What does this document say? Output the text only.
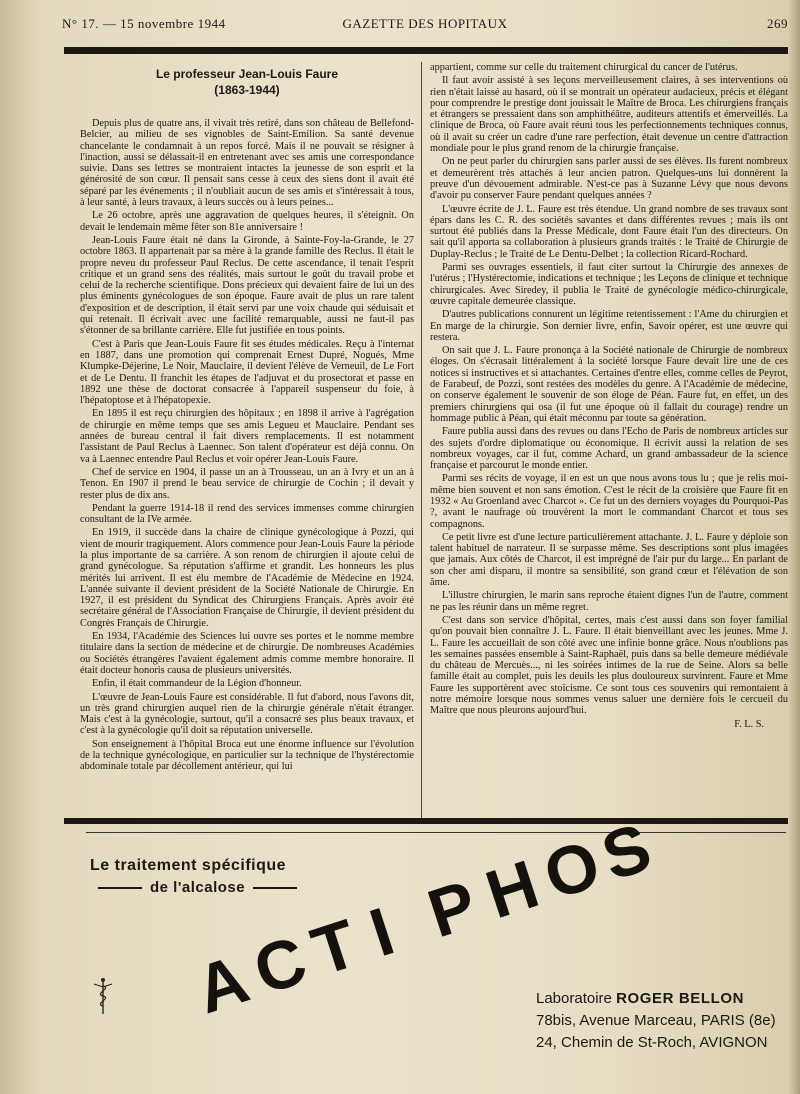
N° 17. — 15 novembre 1944	GAZETTE DES HOPITAUX	269
Le professeur Jean-Louis Faure
(1863-1944)

Depuis plus de quatre ans, il vivait très retiré, dans son château de Bellefond-Belcier, au milieu de ses vignobles de Saint-Emilion. Sa santé devenue chancelante le condamnait à un repos forcé. Mais il ne pouvait se résigner à l'inaction, aussi se délassait-il en entretenant avec ses amis une correspondance suivie. Dans ses lettres se montraient intactes la jeunesse de son esprit et la générosité de son cœur. Il pensait sans cesse à ceux des siens dont il avait été séparé par les événements ; il n'oubliait aucun de ses amis et s'intéressait à tous, à leur santé, à leurs travaux, à leurs succès ou à leurs peines...

Le 26 octobre, après une aggravation de quelques heures, il s'éteignit. On devait le lendemain même fêter son 81e anniversaire !

Jean-Louis Faure était né dans la Gironde, à Sainte-Foy-la-Grande, le 27 octobre 1863. Il appartenait par sa mère à la grande famille des Reclus. Il était le propre neveu du professeur Paul Reclus. De cette ascendance, il tenait l'esprit critique et un grand sens des réalités, mais surtout le goût du travail probe et celui de la recherche scientifique. Dons précieux qui devaient faire de lui un des plus éminents gynécologues de son époque. Faure avait de plus un rare talent d'exposition et de description, il était servi par une voix chaude qui séduisait et qui retenait. Il écrivait avec une facilité remarquable, aussi ne faut-il pas s'étonner de sa brillante carrière. Elle fut justifiée en tous points.

C'est à Paris que Jean-Louis Faure fit ses études médicales. Reçu à l'internat en 1887, dans une promotion qui comprenait Ernest Dupré, Nogués, Mme Klumpke-Déjerine, Le Noir, Mauclaire, il devient l'élève de Verneuil, de Le Fort et de Le Dentu. Il franchit les étapes de l'adjuvat et du prosectorat et passe en 1892 une thèse de doctorat consacrée à l'appareil suspenseur du foie, à l'hépatoptose et à l'hépatopexie.

En 1895 il est reçu chirurgien des hôpitaux ; en 1898 il arrive à l'agrégation de chirurgie en même temps que ses amis Legueu et Mauclaire. Pendant ses années de bureau central il fait divers remplacements. Il est notamment l'assistant de Paul Reclus à Laennec. Son talent d'opérateur est déjà connu. On va à Laennec entendre Paul Reclus et voir opérer Jean-Louis Faure.

Chef de service en 1904, il passe un an à Trousseau, un an à Ivry et un an à Tenon. En 1907 il prend le beau service de chirurgie de Cochin ; il devait y rester plus de dix ans.

Pendant la guerre 1914-18 il rend des services immenses comme chirurgien consultant de la IVe armée.

En 1919, il succède dans la chaire de clinique gynécologique à Pozzi, qui vient de mourir tragiquement. Alors commence pour Jean-Louis Faure la période la plus importante de sa carrière. A son renom de chirurgien il ajoute celui de grand gynécologue. Sa réputation s'affirme et grandit. Les honneurs les plus mérités lui arrivent. Il est élu membre de l'Académie de Médecine en 1924. L'année suivante il devient président de la Société Nationale de Chirurgie. En 1927, il est président du Syndicat des Chirurgiens Français. Après avoir été secrétaire général de l'Association Française de Chirurgie, il devient président du Congrès Français de Chirurgie.

En 1934, l'Académie des Sciences lui ouvre ses portes et le nomme membre titulaire dans la section de médecine et de chirurgie. De nombreuses Académies ou Sociétés étrangères l'avaient également admis comme membre honoraire. Il était docteur honoris causa de plusieurs universités.

Enfin, il était commandeur de la Légion d'honneur.

L'œuvre de Jean-Louis Faure est considérable. Il fut d'abord, nous l'avons dit, un très grand chirurgien auquel rien de la chirurgie générale n'était étranger. Mais c'est à la gynécologie, surtout, qu'il a consacré ses plus beaux travaux, et c'est à la gynécologie qu'il doit sa réputation universelle.

Son enseignement à l'hôpital Broca eut une énorme influence sur l'évolution de la technique gynécologique, en particulier sur la technique de l'hystérectomie abdominale totale par décollement antérieur, qui lui

appartient, comme sur celle du traitement chirurgical du cancer de l'utérus.

Il faut avoir assisté à ses leçons merveilleusement claires, à ses interventions où rien n'était laissé au hasard, où il se montrait un opérateur audacieux, précis et élégant pour comprendre le prestige dont jouissait le Maître de Broca. Les chirurgiens français et étrangers se pressaient dans son amphithéâtre, auditeurs attentifs et émerveillés. La clinique de Broca, où Faure avait réuni tous les perfectionnements techniques connus, où il avait su créer un cadre d'une rare perfection, était devenue un centre d'attraction mondiale pour le plus grand renom de la chirurgie française.

On ne peut parler du chirurgien sans parler aussi de ses élèves. Ils furent nombreux et demeurèrent très attachés à leur ancien patron. Quelques-uns lui donnèrent la preuve d'un dévouement admirable. N'est-ce pas à Suzanne Lévy que nous devons d'avoir pu conserver Faure pendant quelques années ?

L'œuvre écrite de J. L. Faure est très étendue. Un grand nombre de ses travaux sont épars dans les C. R. des sociétés savantes et dans différentes revues ; mais ils ont surtout été publiés dans la Presse Médicale, dont Faure était l'un des directeurs. On sait qu'il apporta sa collaboration à plusieurs grands traités : le Traité de Chirurgie de Duplay-Reclus ; le Traité de Le Dentu-Delbet ; la collection Ricard-Rochard.

Parmi ses ouvrages essentiels, il faut citer surtout la Chirurgie des annexes de l'utérus ; l'Hystérectomie, indications et technique ; les Leçons de clinique et technique chirurgicales. Avec Siredey, il publia le Traité de gynécologie médico-chirurgicale, œuvre capitale demeurée classique.

D'autres publications connurent un légitime retentissement : l'Ame du chirurgien et En marge de la chirurgie. Son dernier livre, enfin, Savoir opérer, est une œuvre qui restera.

On sait que J. L. Faure prononça à la Société nationale de Chirurgie de nombreux éloges. On s'écrasait littéralement à la société lorsque Faure devait lire une de ces notices si instructives et si attachantes. Certaines d'entre elles, comme celles de Peyrot, de Farabeuf, de Pozzi, sont restées des modèles du genre. A l'Académie de médecine, on conserve également le souvenir de son éloge de Péan. Faure fut, en effet, un des premiers chirurgiens qui osa (il fut une époque où il fallait du courage) rendre un hommage public à Péan, qui était méconnu par toute sa génération.

Faure publia aussi dans des revues ou dans l'Echo de Paris de nombreux articles sur des sujets d'ordre diplomatique ou économique. Il écrivit aussi la relation de ses nombreux voyages, car il fut, comme Achard, un grand ambassadeur de la science française et parcourut le monde entier.

Parmi ses récits de voyage, il en est un que nous avons tous lu ; que je relis moi-même bien souvent et non sans émotion. C'est le récit de la croisière que Faure fit en 1932 « Au Groenland avec Charcot ». Ce fut un des derniers voyages du Pourquoi-Pas ?, avant le naufrage où trouvèrent la mort le commandant Charcot et tous ses compagnons.

Ce petit livre est d'une lecture particulièrement attachante. J. L. Faure y déploie son talent habituel de narrateur. Il se surpasse même. Ses descriptions sont plus imagées que jamais. Aux côtés de Charcot, il est imprégné de l'air pur du large... En parlant de son cher ami disparu, il montre sa sensibilité, son grand cœur et l'élévation de son âme.

L'illustre chirurgien, le marin sans reproche étaient dignes l'un de l'autre, comment ne pas les réunir dans un même regret.

C'est dans son service d'hôpital, certes, mais c'est aussi dans son foyer familial qu'on pouvait bien connaître J. L. Faure. Il était bienveillant avec les jeunes. Mme J. L. Faure les accueillait de son côté avec une infinie bonne grâce. Nous n'oublions pas les semaines passées ensemble à Saint-Raphaël, puis dans sa belle demeure médiévale du château de Mercuès..., ni les soirées intimes de la rue de Seine. Alors sa belle famille était au complet, puis les deuils les plus douloureux survinrent. Faure et Mme Faure les supportèrent avec stoïcisme. Ce sont tous ces souvenirs qui remontaient à notre mémoire lorsque nous sommes venus saluer une dernière fois le cercueil du Maître que nous pleurons aujourd'hui.

F. L. S.
Le traitement spécifique
de l'alcalose
A
C
T
I P
H
O
S
Laboratoire ROGER BELLON
78bis, Avenue Marceau, PARIS (8e)
24, Chemin de St-Roch, AVIGNON
